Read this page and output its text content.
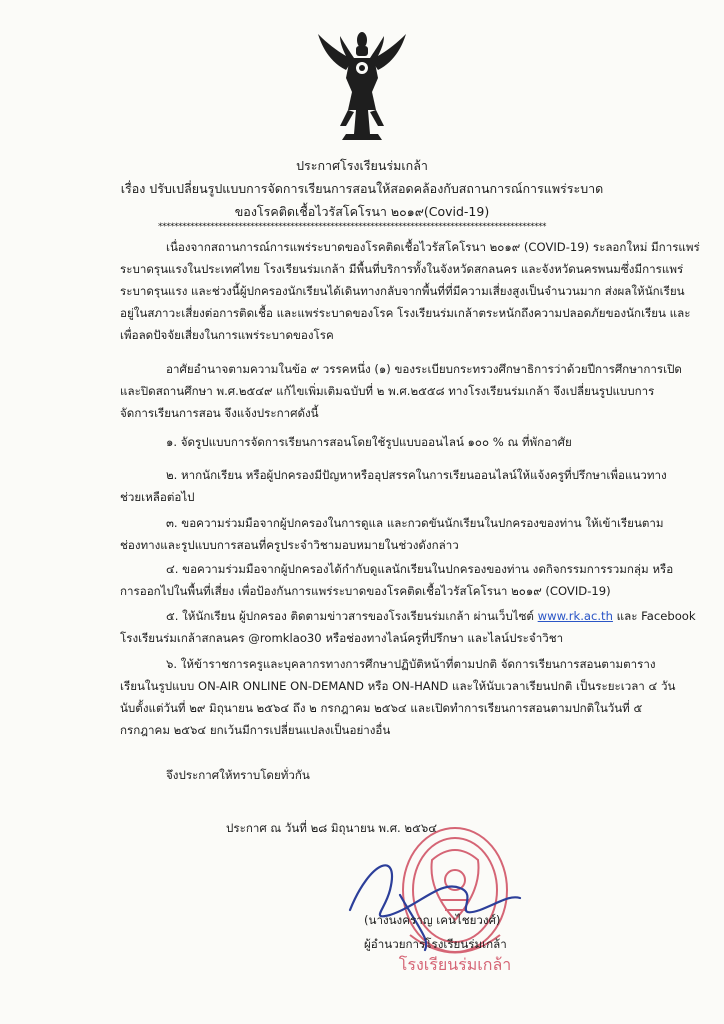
ประกาศโรงเรียนร่มเกล้า
เรื่อง ปรับเปลี่ยนรูปแบบการจัดการเรียนการสอนให้สอดคล้องกับสถานการณ์การแพร่ระบาด
ของโรคติดเชื้อไวรัสโคโรนา ๒๐๑๙(Covid-19)
*************************************************************************************************
เนื่องจากสถานการณ์การแพร่ระบาดของโรคติดเชื้อไวรัสโคโรนา ๒๐๑๙ (COVID-19) ระลอกใหม่ มีการแพร่
ระบาดรุนแรงในประเทศไทย โรงเรียนร่มเกล้า มีพื้นที่บริการทั้งในจังหวัดสกลนคร และจังหวัดนครพนมซึ่งมีการแพร่
ระบาดรุนแรง และช่วงนี้ผู้ปกครองนักเรียนได้เดินทางกลับจากพื้นที่ที่มีความเสี่ยงสูงเป็นจำนวนมาก ส่งผลให้นักเรียน
อยู่ในสภาวะเสี่ยงต่อการติดเชื้อ และแพร่ระบาดของโรค โรงเรียนร่มเกล้าตระหนักถึงความปลอดภัยของนักเรียน และ
เพื่อลดปัจจัยเสี่ยงในการแพร่ระบาดของโรค
อาศัยอำนาจตามความในข้อ ๙ วรรคหนึ่ง (๑) ของระเบียบกระทรวงศึกษาธิการว่าด้วยปีการศึกษาการเปิด
และปิดสถานศึกษา พ.ศ.๒๕๔๙ แก้ไขเพิ่มเติมฉบับที่ ๒ พ.ศ.๒๕๕๘ ทางโรงเรียนร่มเกล้า จึงเปลี่ยนรูปแบบการ
จัดการเรียนการสอน จึงแจ้งประกาศดังนี้
๑. จัดรูปแบบการจัดการเรียนการสอนโดยใช้รูปแบบออนไลน์ ๑๐๐ % ณ ที่พักอาศัย
๒. หากนักเรียน หรือผู้ปกครองมีปัญหาหรืออุปสรรคในการเรียนออนไลน์ให้แจ้งครูที่ปรึกษาเพื่อแนวทาง
ช่วยเหลือต่อไป
๓. ขอความร่วมมือจากผู้ปกครองในการดูแล และกวดขันนักเรียนในปกครองของท่าน ให้เข้าเรียนตาม
ช่องทางและรูปแบบการสอนที่ครูประจำวิชามอบหมายในช่วงดังกล่าว
๔. ขอความร่วมมือจากผู้ปกครองได้กำกับดูแลนักเรียนในปกครองของท่าน งดกิจกรรมการรวมกลุ่ม หรือ
การออกไปในพื้นที่เสี่ยง เพื่อป้องกันการแพร่ระบาดของโรคติดเชื้อไวรัสโคโรนา ๒๐๑๙ (COVID-19)
๕. ให้นักเรียน ผู้ปกครอง ติดตามข่าวสารของโรงเรียนร่มเกล้า ผ่านเว็บไซต์ www.rk.ac.th และ Facebook
โรงเรียนร่มเกล้าสกลนคร @romklao30 หรือช่องทางไลน์ครูที่ปรึกษา และไลน์ประจำวิชา
๖. ให้ข้าราชการครูและบุคลากรทางการศึกษาปฏิบัติหน้าที่ตามปกติ จัดการเรียนการสอนตามตาราง
เรียนในรูปแบบ ON-AIR ONLINE ON-DEMAND หรือ ON-HAND และให้นับเวลาเรียนปกติ เป็นระยะเวลา ๔ วัน
นับตั้งแต่วันที่ ๒๙ มิถุนายน ๒๕๖๔ ถึง ๒ กรกฎาคม ๒๕๖๔ และเปิดทำการเรียนการสอนตามปกติในวันที่ ๕
กรกฎาคม ๒๕๖๔ ยกเว้นมีการเปลี่ยนแปลงเป็นอย่างอื่น
จึงประกาศให้ทราบโดยทั่วกัน
ประกาศ ณ วันที่ ๒๘ มิถุนายน พ.ศ. ๒๕๖๔
โรงเรียนร่มเกล้า
(นางนงคราญ เคนไชยวงศ์)
ผู้อำนวยการโรงเรียนร่มเกล้า
